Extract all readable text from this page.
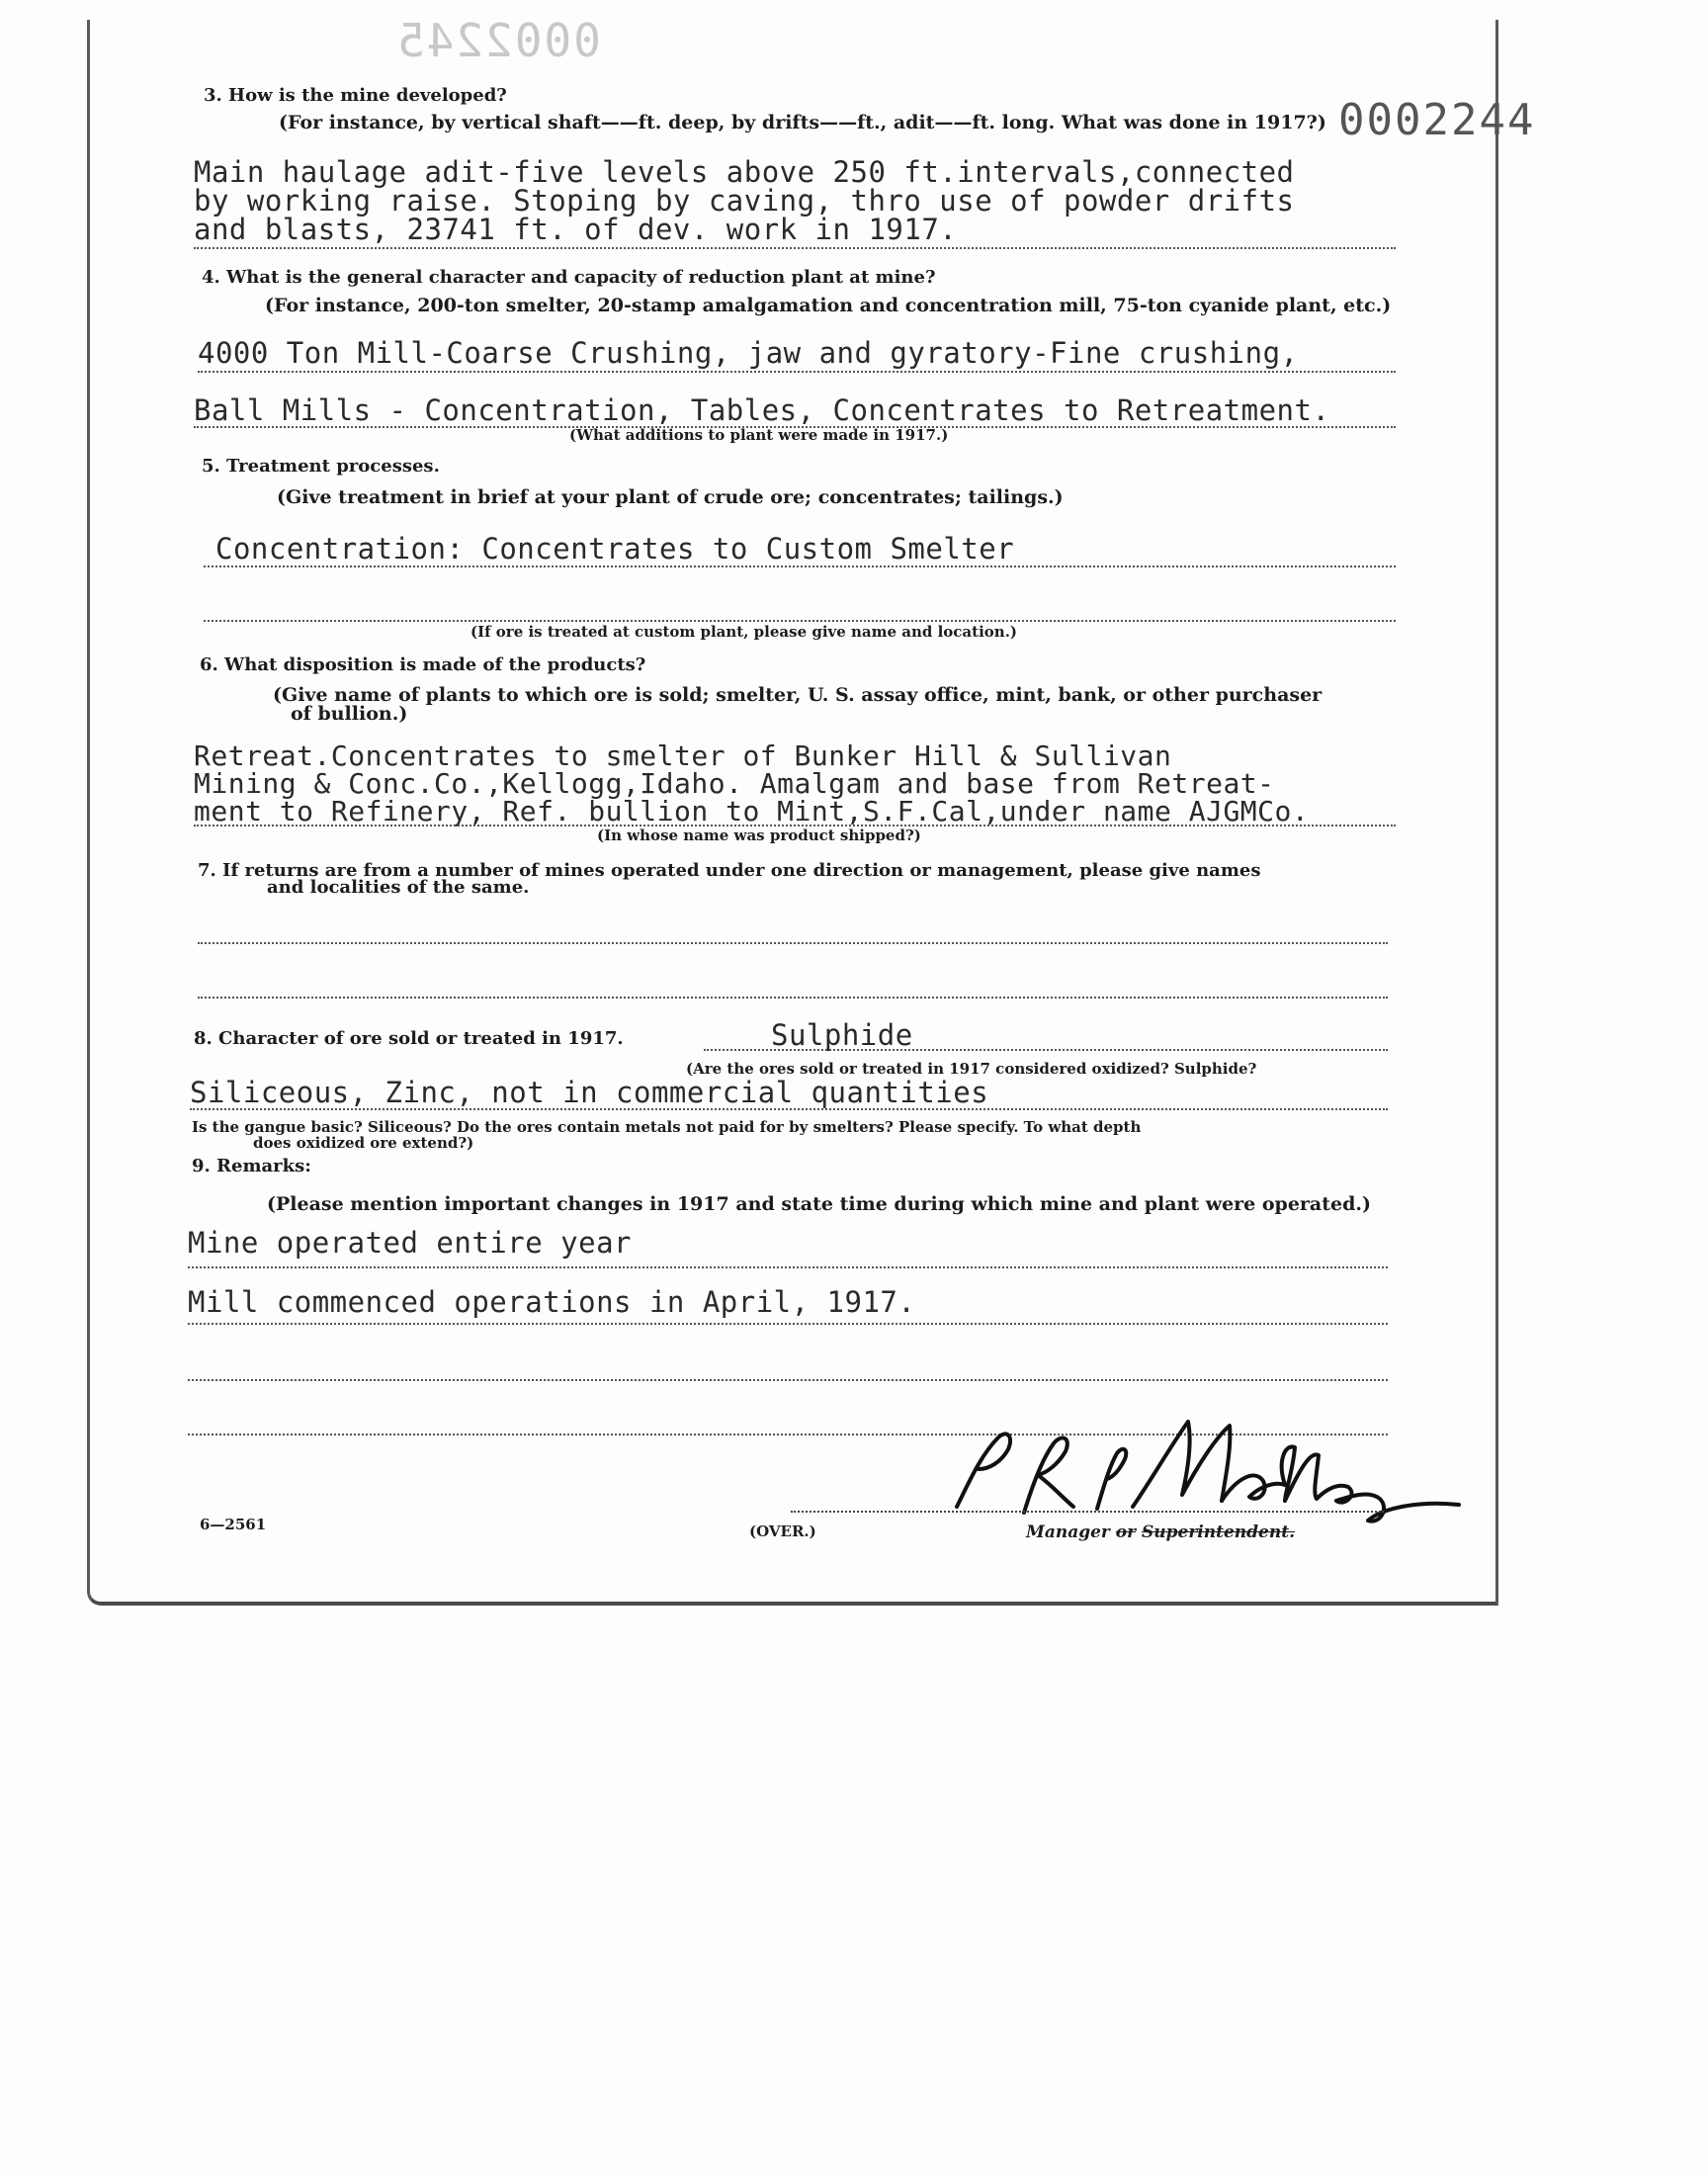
0002245
0002244
3. How is the mine developed?
(For instance, by vertical shaft——ft. deep, by drifts——ft., adit——ft. long. What was done in 1917?)
Main haulage adit-five levels above 250 ft.intervals,connected
by working raise. Stoping by caving, thro use of powder drifts
and blasts, 23741 ft. of dev. work in 1917.
4. What is the general character and capacity of reduction plant at mine?
(For instance, 200-ton smelter, 20-stamp amalgamation and concentration mill, 75-ton cyanide plant, etc.)
4000 Ton Mill-Coarse Crushing, jaw and gyratory-Fine crushing,
Ball Mills - Concentration, Tables, Concentrates to Retreatment.
(What additions to plant were made in 1917.)
5. Treatment processes.
(Give treatment in brief at your plant of crude ore; concentrates; tailings.)
Concentration: Concentrates to Custom Smelter
(If ore is treated at custom plant, please give name and location.)
6. What disposition is made of the products?
(Give name of plants to which ore is sold; smelter, U. S. assay office, mint, bank, or other purchaser
of bullion.)
Retreat.Concentrates to smelter of Bunker Hill & Sullivan
Mining & Conc.Co.,Kellogg,Idaho. Amalgam and base from Retreat-
ment to Refinery, Ref. bullion to Mint,S.F.Cal,under name AJGMCo.
(In whose name was product shipped?)
7. If returns are from a number of mines operated under one direction or management, please give names
and localities of the same.
8. Character of ore sold or treated in 1917.	Sulphide
(Are the ores sold or treated in 1917 considered oxidized? Sulphide?
Siliceous, Zinc, not in commercial quantities
Is the gangue basic? Siliceous? Do the ores contain metals not paid for by smelters? Please specify. To what depth
does oxidized ore extend?)
9. Remarks:
(Please mention important changes in 1917 and state time during which mine and plant were operated.)
Mine operated entire year
Mill commenced operations in April, 1917.
6—2561	(OVER.)	Manager or Superintendent.
